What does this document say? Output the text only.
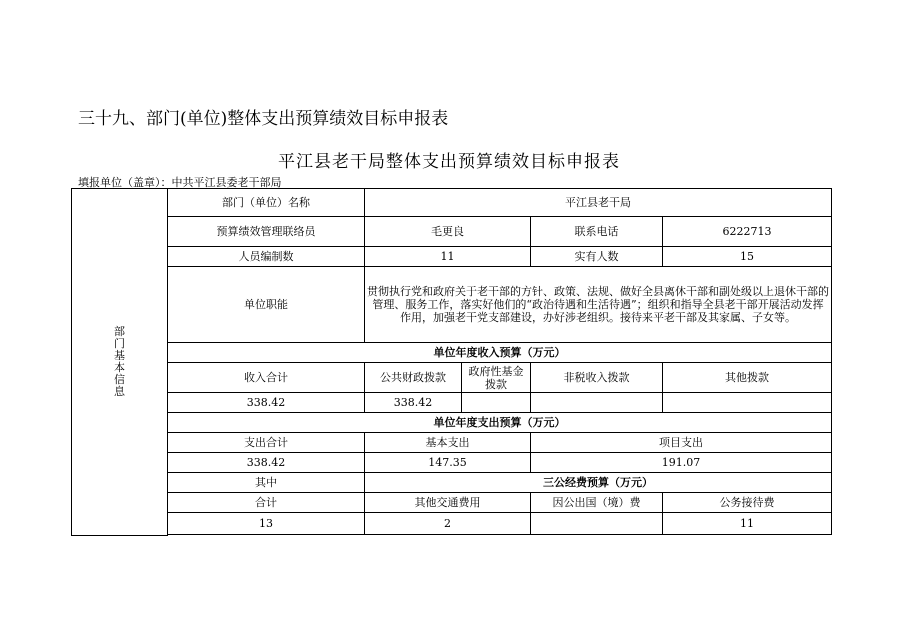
三十九、部门(单位)整体支出预算绩效目标申报表
平江县老干局整体支出预算绩效目标申报表
填报单位（盖章）：中共平江县委老干部局
部门基本信息	部门（单位）名称	平江县老干局			
	预算绩效管理联络员	毛更良		联系电话	6222713
	人员编制数	11		实有人数	15
	单位职能	贯彻执行党和政府关于老干部的方针、政策、法规、做好全县离休干部和副处级以上退休干部的管理、服务工作，落实好他们的“政治待遇和生活待遇”；组织和指导全县老干部开展活动发挥作用，加强老干党支部建设，办好涉老组织。接待来平老干部及其家属、子女等。			
	单位年度收入预算（万元）				
	收入合计	公共财政拨款	政府性基金拨款	非税收入拨款	其他拨款
	338.42	338.42			
	单位年度支出预算（万元）				
	支出合计	基本支出		项目支出	
	338.42	147.35		191.07	
	其中	三公经费预算（万元）			
	合计	其他交通费用		因公出国（境）费	公务接待费
	13	2			11
